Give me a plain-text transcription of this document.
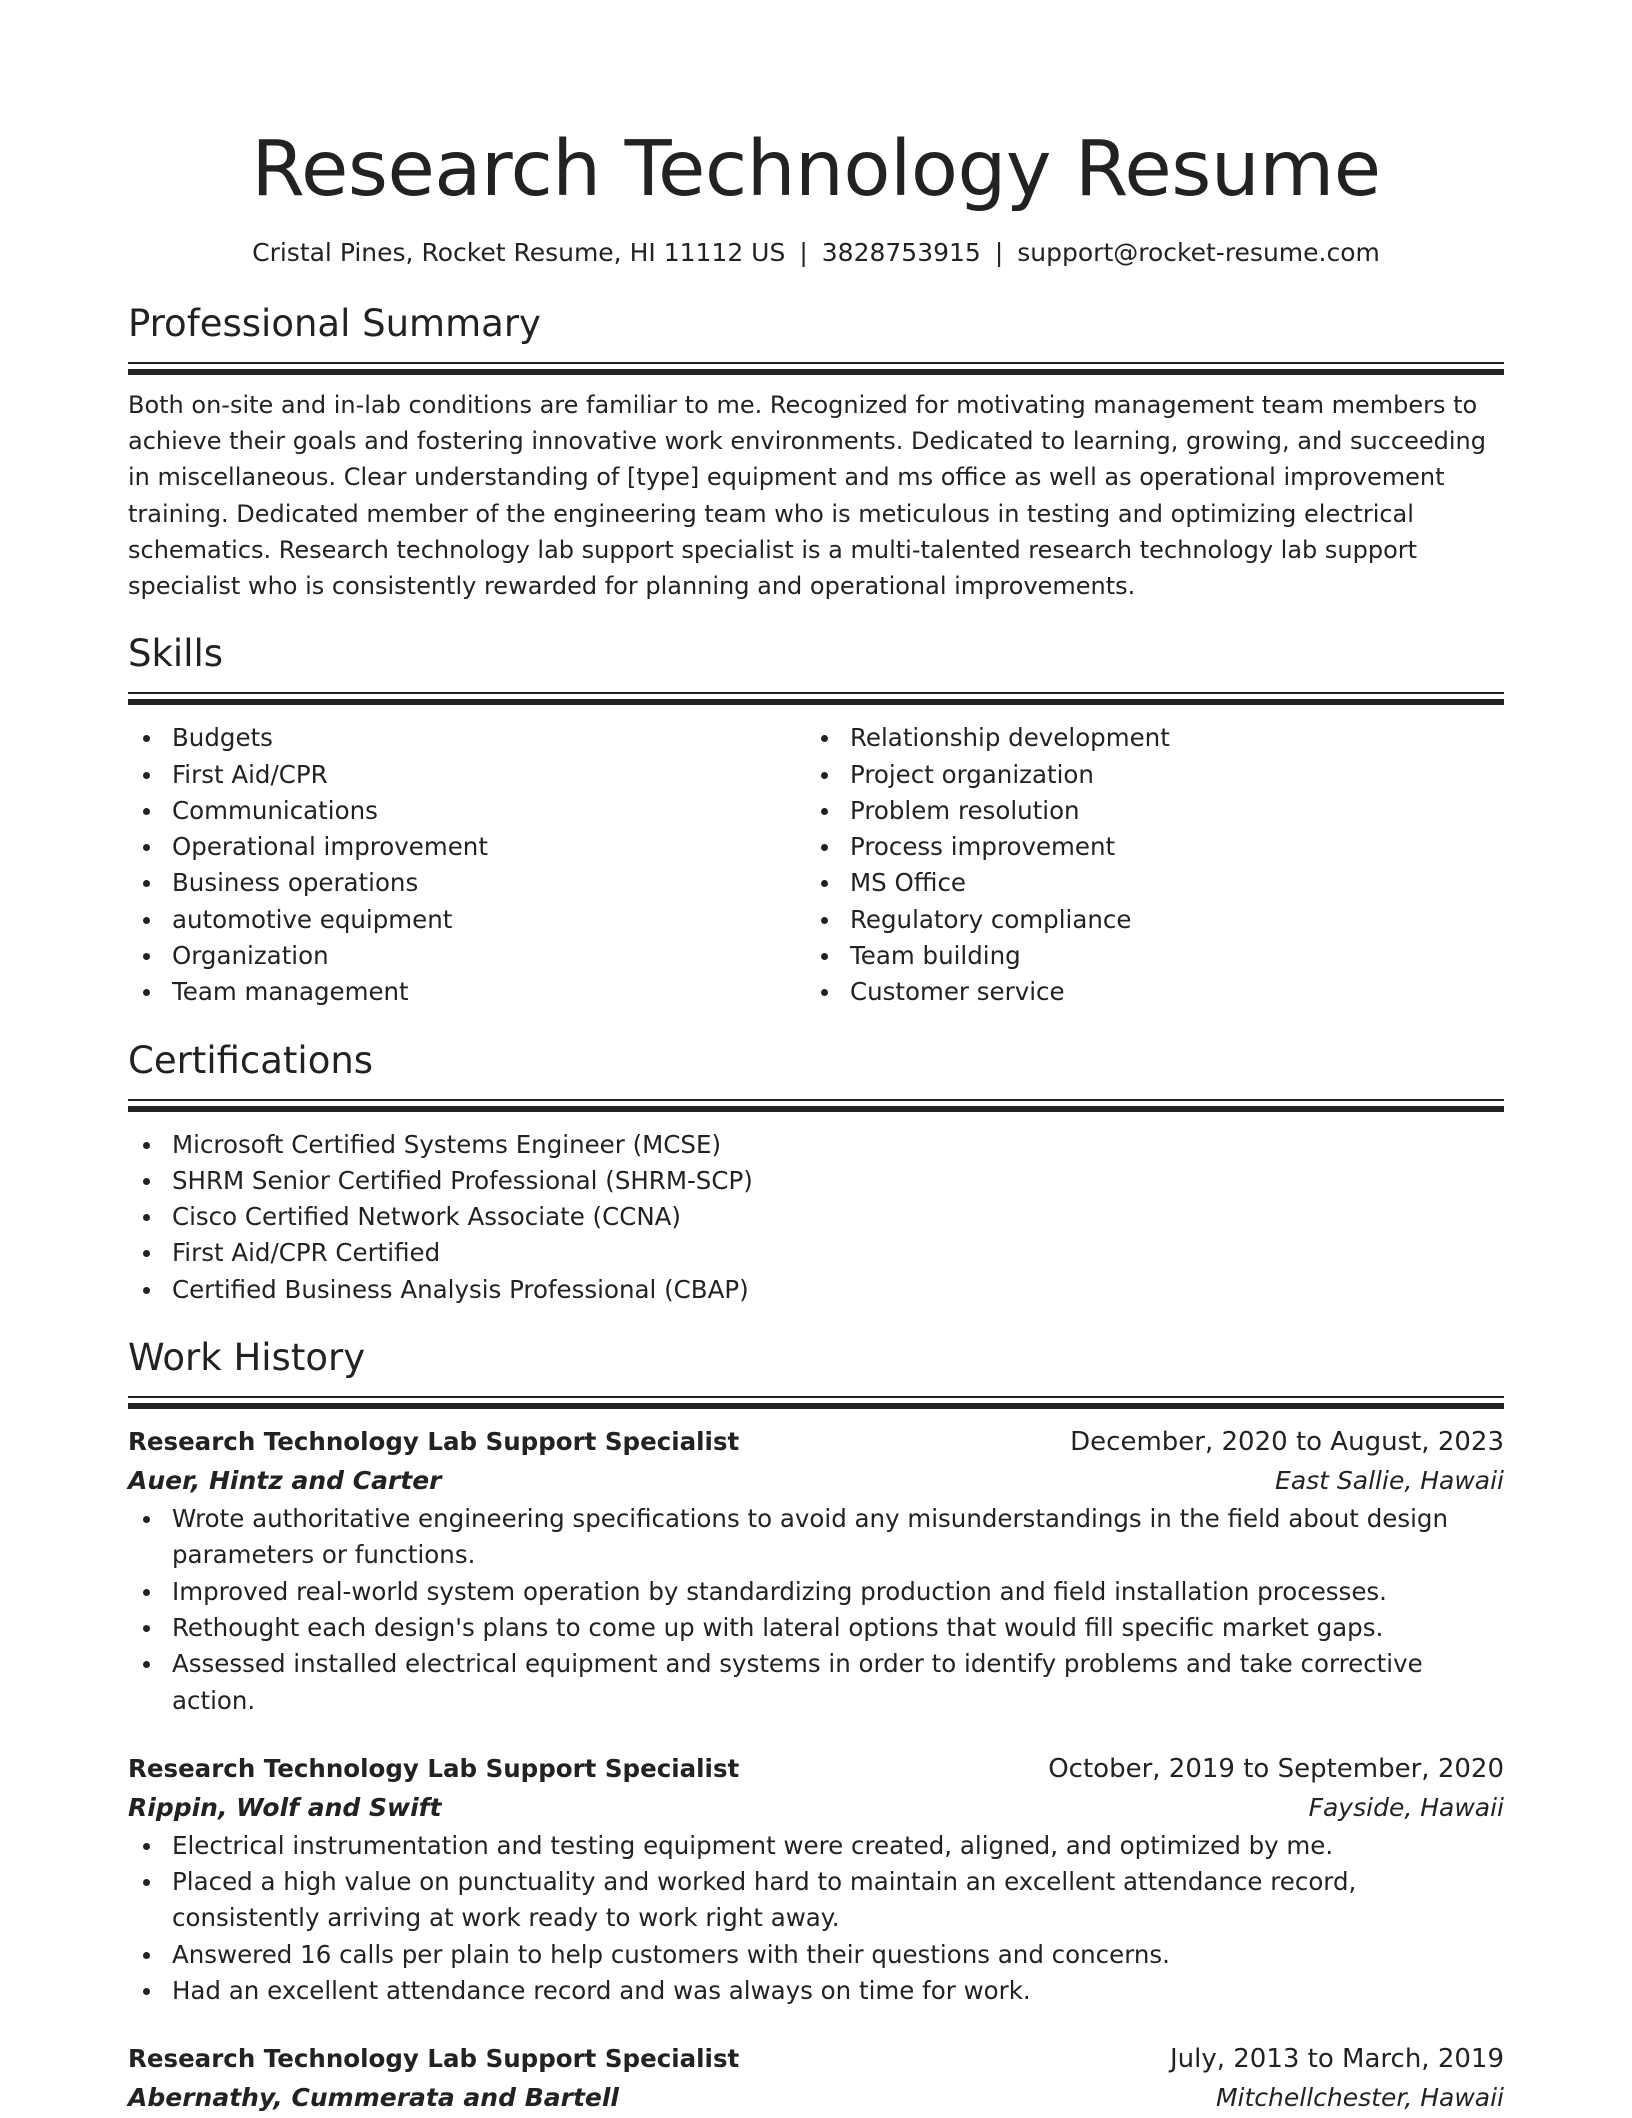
Research Technology Resume
Cristal Pines, Rocket Resume, HI 11112 US | 3828753915 | support@rocket-resume.com
Professional Summary

Both on-site and in-lab conditions are familiar to me. Recognized for motivating management team members to achieve their goals and fostering innovative work environments. Dedicated to learning, growing, and succeeding in miscellaneous. Clear understanding of [type] equipment and ms office as well as operational improvement training. Dedicated member of the engineering team who is meticulous in testing and optimizing electrical schematics. Research technology lab support specialist is a multi-talented research technology lab support specialist who is consistently rewarded for planning and operational improvements.

Skills
Budgets
First Aid/CPR
Communications
Operational improvement
Business operations
automotive equipment
Organization
Team management
Relationship development
Project organization
Problem resolution
Process improvement
MS Office
Regulatory compliance
Team building
Customer service
Certifications
Microsoft Certified Systems Engineer (MCSE)
SHRM Senior Certified Professional (SHRM-SCP)
Cisco Certified Network Associate (CCNA)
First Aid/CPR Certified
Certified Business Analysis Professional (CBAP)
Work History
Research Technology Lab Support Specialist	December, 2020 to August, 2023
Auer, Hintz and Carter	East Sallie, Hawaii
Wrote authoritative engineering specifications to avoid any misunderstandings in the field about design parameters or functions.
Improved real-world system operation by standardizing production and field installation processes.
Rethought each design's plans to come up with lateral options that would fill specific market gaps.
Assessed installed electrical equipment and systems in order to identify problems and take corrective action.
Research Technology Lab Support Specialist	October, 2019 to September, 2020
Rippin, Wolf and Swift	Fayside, Hawaii
Electrical instrumentation and testing equipment were created, aligned, and optimized by me.
Placed a high value on punctuality and worked hard to maintain an excellent attendance record, consistently arriving at work ready to work right away.
Answered 16 calls per plain to help customers with their questions and concerns.
Had an excellent attendance record and was always on time for work.
Research Technology Lab Support Specialist	July, 2013 to March, 2019
Abernathy, Cummerata and Bartell	Mitchellchester, Hawaii
